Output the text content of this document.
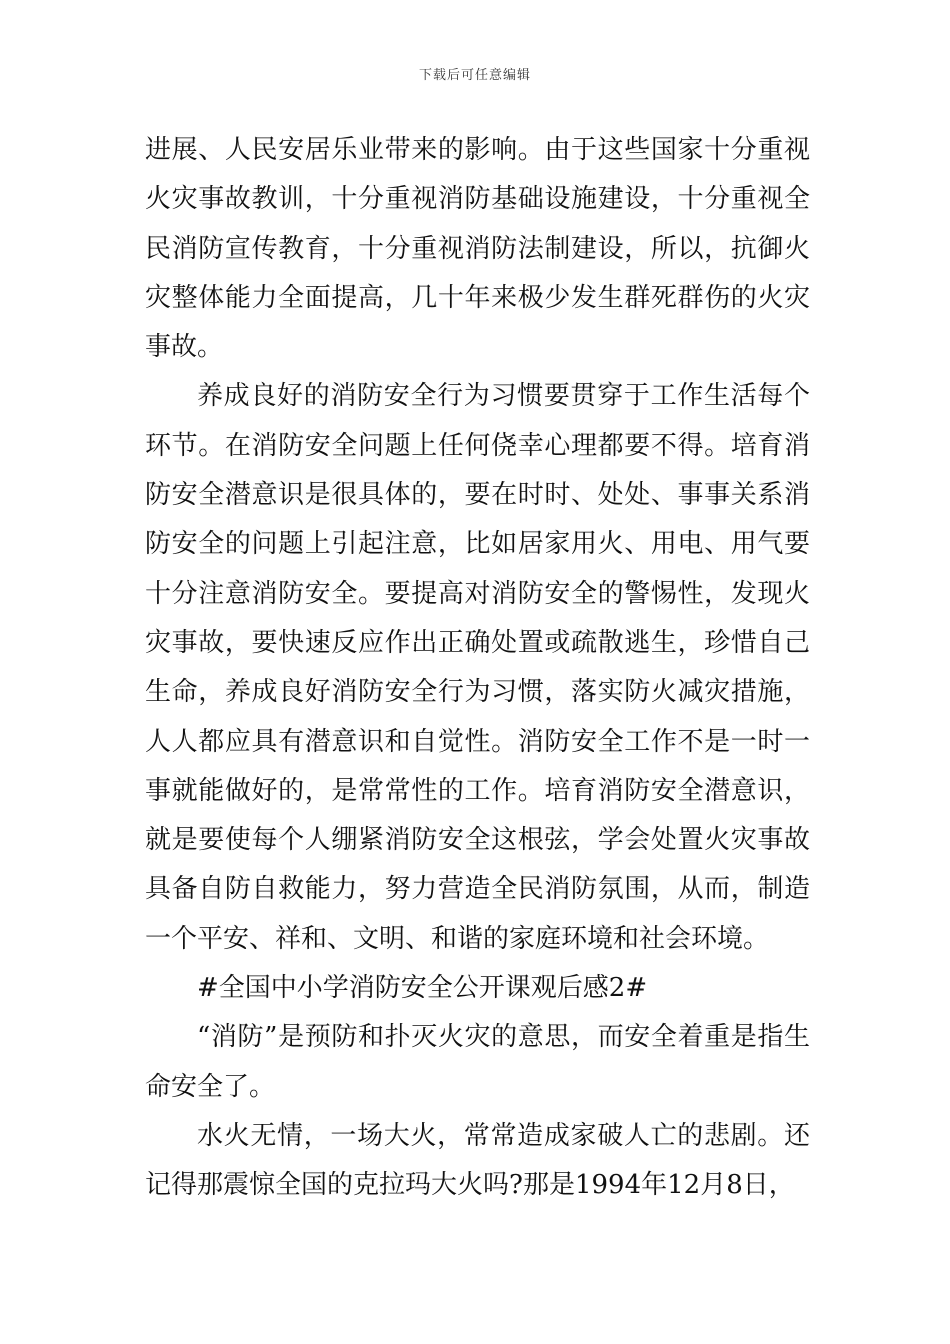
下载后可任意编辑

进展、人民安居乐业带来的影响。由于这些国家十分重视火灾事故教训，十分重视消防基础设施建设，十分重视全民消防宣传教育，十分重视消防法制建设，所以，抗御火灾整体能力全面提高，几十年来极少发生群死群伤的火灾事故。

养成良好的消防安全行为习惯要贯穿于工作生活每个环节。在消防安全问题上任何侥幸心理都要不得。培育消防安全潜意识是很具体的，要在时时、处处、事事关系消防安全的问题上引起注意，比如居家用火、用电、用气要十分注意消防安全。要提高对消防安全的警惕性，发现火灾事故，要快速反应作出正确处置或疏散逃生，珍惜自己生命，养成良好消防安全行为习惯，落实防火减灾措施，人人都应具有潜意识和自觉性。消防安全工作不是一时一事就能做好的，是常常性的工作。培育消防安全潜意识，就是要使每个人绷紧消防安全这根弦，学会处置火灾事故具备自防自救能力，努力营造全民消防氛围，从而，制造一个平安、祥和、文明、和谐的家庭环境和社会环境。

#全国中小学消防安全公开课观后感2#

“消防”是预防和扑灭火灾的意思，而安全着重是指生命安全了。

水火无情，一场大火，常常造成家破人亡的悲剧。还记得那震惊全国的克拉玛大火吗?那是1994年12月8日，
